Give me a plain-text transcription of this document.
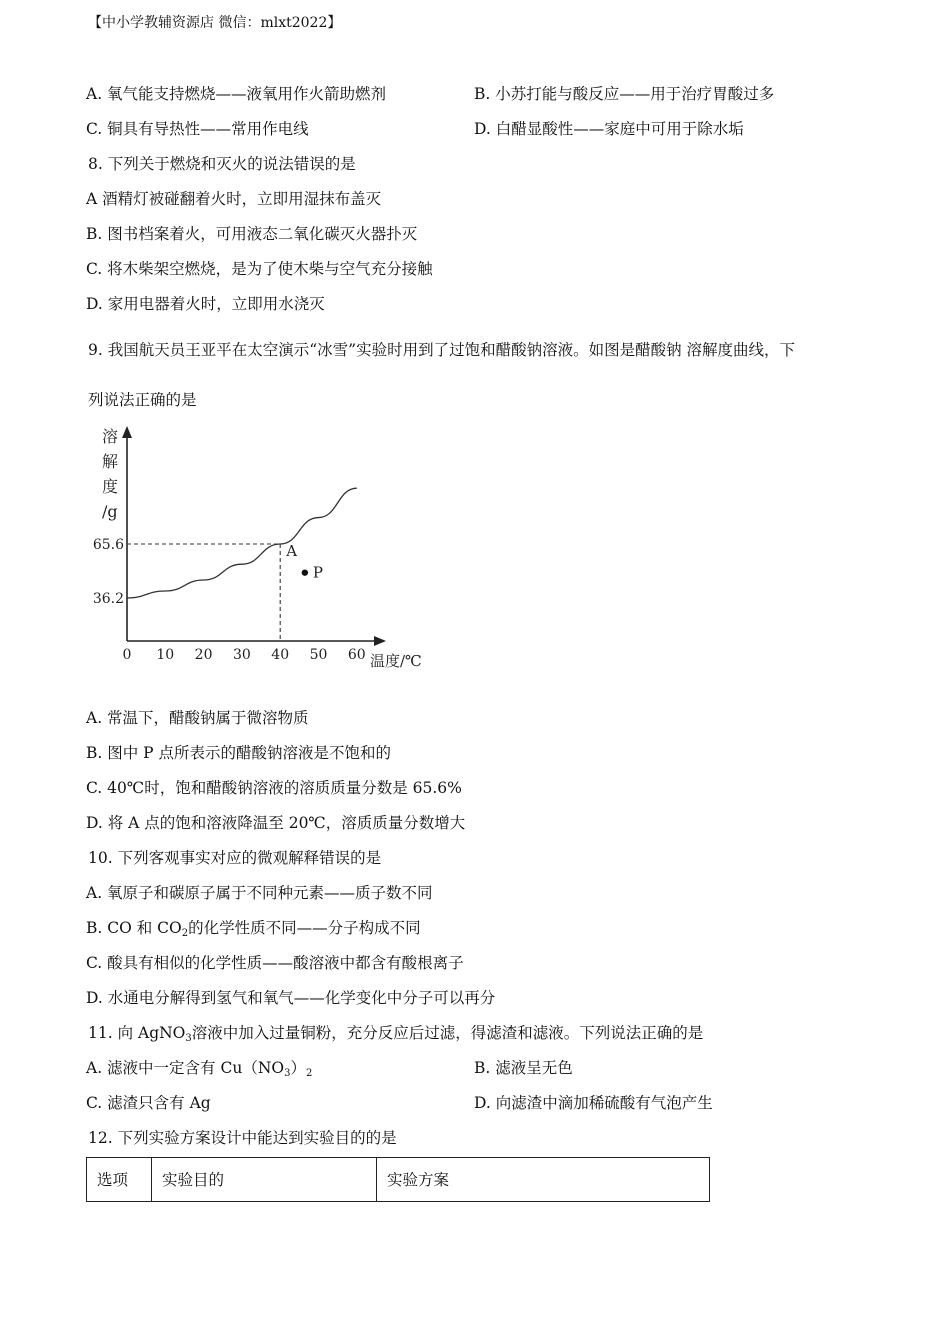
【中小学教辅资源店 微信：mlxt2022】
A. 氧气能支持燃烧——液氧用作火箭助燃剂	B. 小苏打能与酸反应——用于治疗胃酸过多
C. 铜具有导热性——常用作电线	D. 白醋显酸性——家庭中可用于除水垢
8. 下列关于燃烧和灭火的说法错误的是
A 酒精灯被碰翻着火时，立即用湿抹布盖灭
B. 图书档案着火，可用液态二氧化碳灭火器扑灭
C. 将木柴架空燃烧，是为了使木柴与空气充分接触
D. 家用电器着火时，立即用水浇灭
9. 我国航天员王亚平在太空演示“冰雪”实验时用到了过饱和醋酸钠溶液。如图是醋酸钠 溶解度曲线，下
列说法正确的是
溶
解
度
/g
温度/℃
0 10 20 30 40 50 60
65.6
36.2
A
P
A. 常温下，醋酸钠属于微溶物质
B. 图中 P 点所表示的醋酸钠溶液是不饱和的
C. 40℃时，饱和醋酸钠溶液的溶质质量分数是 65.6%
D. 将 A 点的饱和溶液降温至 20℃，溶质质量分数增大
10. 下列客观事实对应的微观解释错误的是
A. 氧原子和碳原子属于不同种元素——质子数不同
B. CO 和 $CO_2$的化学性质不同——分子构成不同
C. 酸具有相似的化学性质——酸溶液中都含有酸根离子
D. 水通电分解得到氢气和氧气——化学变化中分子可以再分
11. 向 AgNO$_3$溶液中加入过量铜粉，充分反应后过滤，得滤渣和滤液。下列说法正确的是
A. 滤液中一定含有 $Cu(NO_3)_2$	B. 滤液呈无色
C. 滤渣只含有 Ag	D. 向滤渣中滴加稀硫酸有气泡产生
12. 下列实验方案设计中能达到实验目的的是
选项	实验目的	实验方案
